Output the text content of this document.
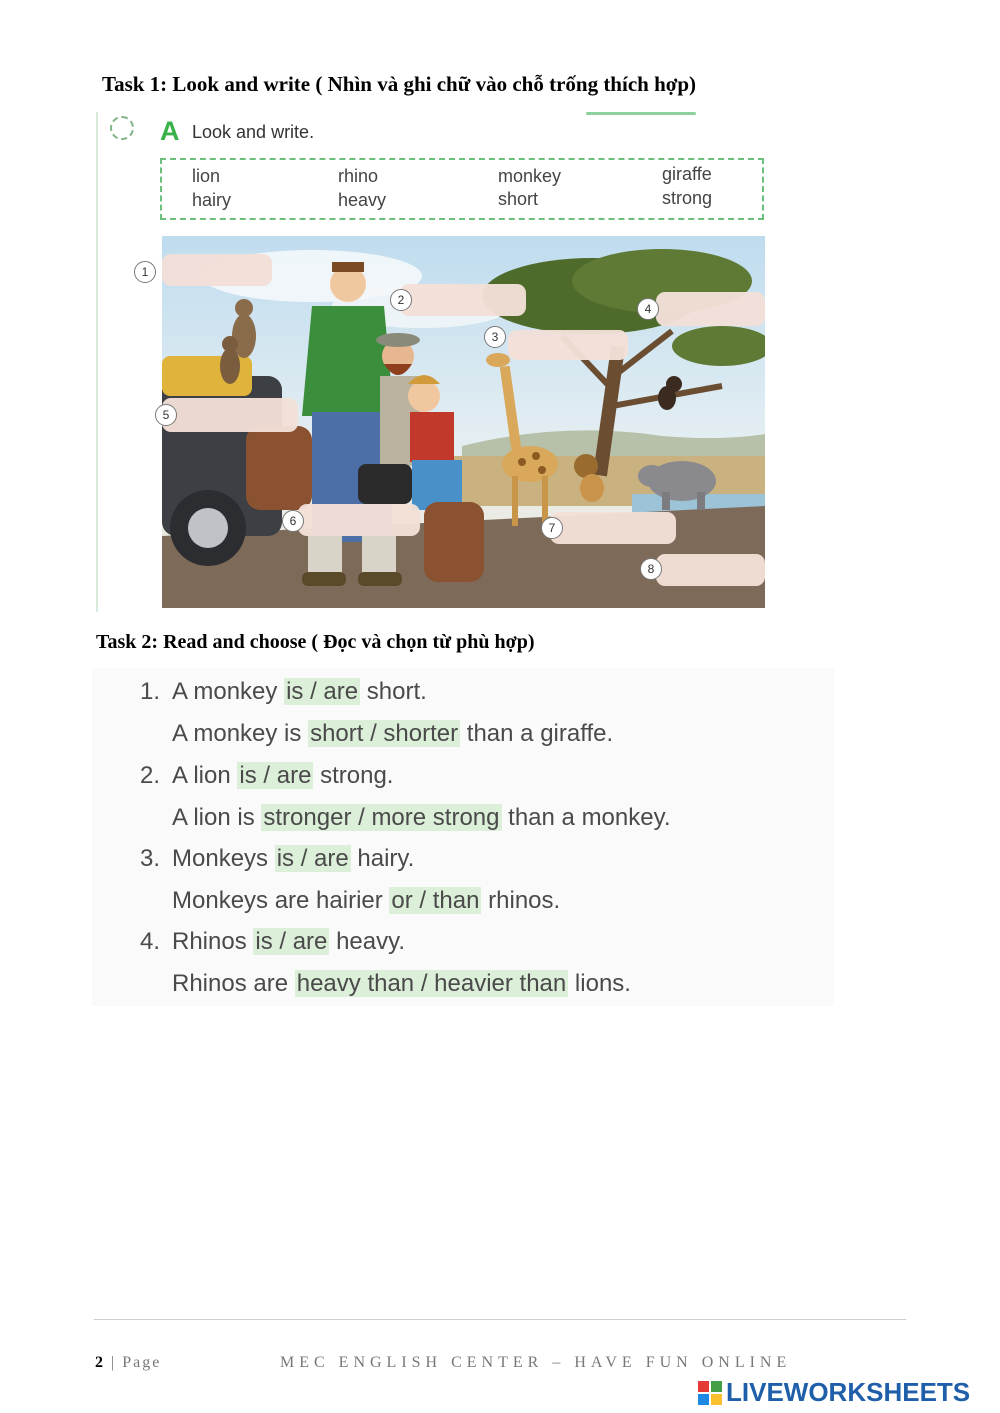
Task 1: Look and write ( Nhìn và ghi chữ vào chỗ trống thích hợp)
A Look and write.
lion	rhino	monkey	giraffe
hairy	heavy	short	strong
1
2
3
4
5
6	7
8
Task 2: Read and choose ( Đọc và chọn từ phù hợp)
1. A monkey is / are short.
A monkey is short / shorter than a giraffe.
2. A lion is / are strong.
A lion is stronger / more strong than a monkey.
3. Monkeys is / are hairy.
Monkeys are hairier or / than rhinos.
4. Rhinos is / are heavy.
Rhinos are heavy than / heavier than lions.
2 | Page	MEC ENGLISH CENTER – HAVE FUN ONLINE
LIVEWORKSHEETS
